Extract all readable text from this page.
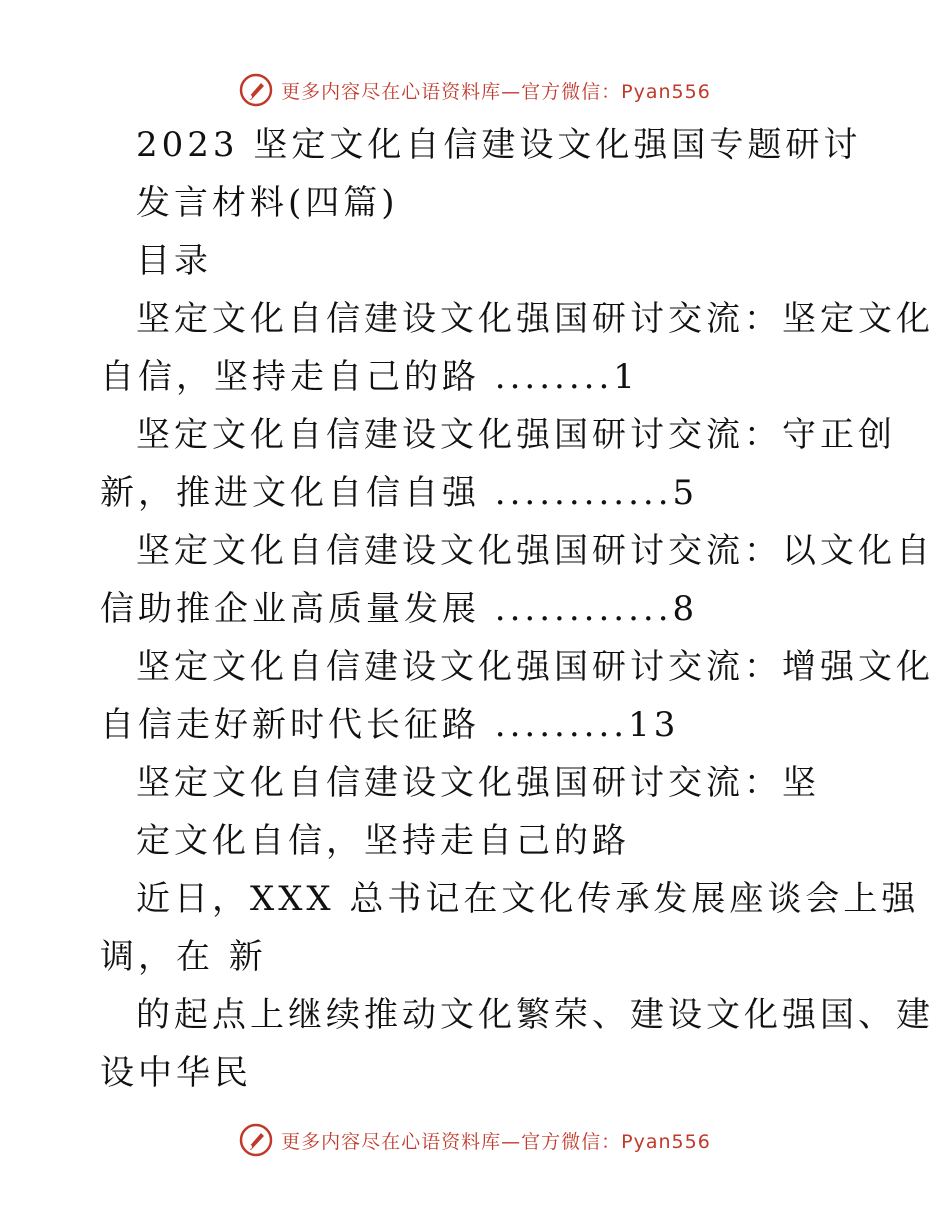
更多内容尽在心语资料库—官方微信：Pyan556
2023 坚定文化自信建设文化强国专题研讨
发言材料(四篇)
目录
坚定文化自信建设文化强国研讨交流：坚定文化
自信，坚持走自己的路 ........1
坚定文化自信建设文化强国研讨交流：守正创
新，推进文化自信自强 ............5
坚定文化自信建设文化强国研讨交流：以文化自
信助推企业高质量发展 ............8
坚定文化自信建设文化强国研讨交流：增强文化
自信走好新时代长征路 .........13
坚定文化自信建设文化强国研讨交流：坚
定文化自信，坚持走自己的路
近日，XXX 总书记在文化传承发展座谈会上强
调，在 新
的起点上继续推动文化繁荣、建设文化强国、建
设中华民
更多内容尽在心语资料库—官方微信：Pyan556
